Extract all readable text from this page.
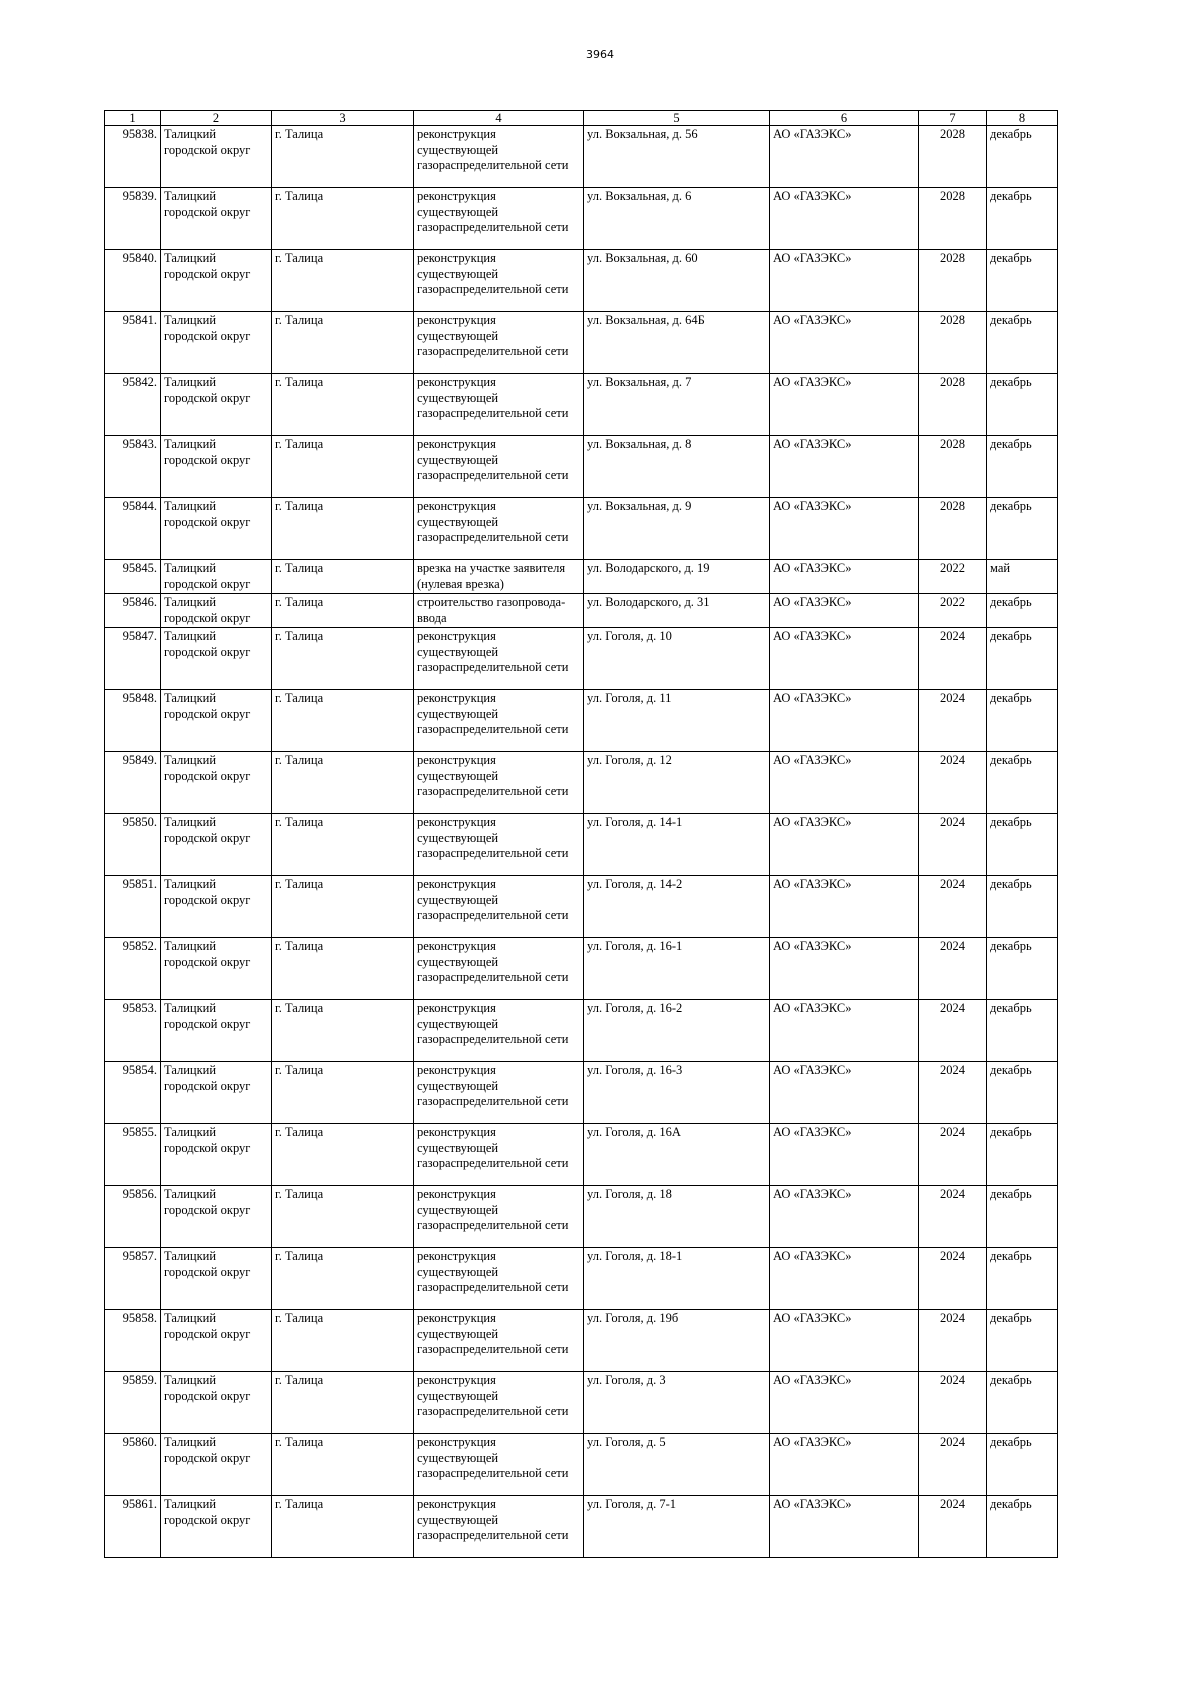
3964
1	2	3	4	5	6	7	8
95838.	Талицкий городской округ	г. Талица	реконструкция существующей газораспределительной сети	ул. Вокзальная, д. 56	АО «ГАЗЭКС»	2028	декабрь
95839.	Талицкий городской округ	г. Талица	реконструкция существующей газораспределительной сети	ул. Вокзальная, д. 6	АО «ГАЗЭКС»	2028	декабрь
95840.	Талицкий городской округ	г. Талица	реконструкция существующей газораспределительной сети	ул. Вокзальная, д. 60	АО «ГАЗЭКС»	2028	декабрь
95841.	Талицкий городской округ	г. Талица	реконструкция существующей газораспределительной сети	ул. Вокзальная, д. 64Б	АО «ГАЗЭКС»	2028	декабрь
95842.	Талицкий городской округ	г. Талица	реконструкция существующей газораспределительной сети	ул. Вокзальная, д. 7	АО «ГАЗЭКС»	2028	декабрь
95843.	Талицкий городской округ	г. Талица	реконструкция существующей газораспределительной сети	ул. Вокзальная, д. 8	АО «ГАЗЭКС»	2028	декабрь
95844.	Талицкий городской округ	г. Талица	реконструкция существующей газораспределительной сети	ул. Вокзальная, д. 9	АО «ГАЗЭКС»	2028	декабрь
95845.	Талицкий городской округ	г. Талица	врезка на участке заявителя (нулевая врезка)	ул. Володарского, д. 19	АО «ГАЗЭКС»	2022	май
95846.	Талицкий городской округ	г. Талица	строительство газопровода-ввода	ул. Володарского, д. 31	АО «ГАЗЭКС»	2022	декабрь
95847.	Талицкий городской округ	г. Талица	реконструкция существующей газораспределительной сети	ул. Гоголя, д. 10	АО «ГАЗЭКС»	2024	декабрь
95848.	Талицкий городской округ	г. Талица	реконструкция существующей газораспределительной сети	ул. Гоголя, д. 11	АО «ГАЗЭКС»	2024	декабрь
95849.	Талицкий городской округ	г. Талица	реконструкция существующей газораспределительной сети	ул. Гоголя, д. 12	АО «ГАЗЭКС»	2024	декабрь
95850.	Талицкий городской округ	г. Талица	реконструкция существующей газораспределительной сети	ул. Гоголя, д. 14-1	АО «ГАЗЭКС»	2024	декабрь
95851.	Талицкий городской округ	г. Талица	реконструкция существующей газораспределительной сети	ул. Гоголя, д. 14-2	АО «ГАЗЭКС»	2024	декабрь
95852.	Талицкий городской округ	г. Талица	реконструкция существующей газораспределительной сети	ул. Гоголя, д. 16-1	АО «ГАЗЭКС»	2024	декабрь
95853.	Талицкий городской округ	г. Талица	реконструкция существующей газораспределительной сети	ул. Гоголя, д. 16-2	АО «ГАЗЭКС»	2024	декабрь
95854.	Талицкий городской округ	г. Талица	реконструкция существующей газораспределительной сети	ул. Гоголя, д. 16-3	АО «ГАЗЭКС»	2024	декабрь
95855.	Талицкий городской округ	г. Талица	реконструкция существующей газораспределительной сети	ул. Гоголя, д. 16А	АО «ГАЗЭКС»	2024	декабрь
95856.	Талицкий городской округ	г. Талица	реконструкция существующей газораспределительной сети	ул. Гоголя, д. 18	АО «ГАЗЭКС»	2024	декабрь
95857.	Талицкий городской округ	г. Талица	реконструкция существующей газораспределительной сети	ул. Гоголя, д. 18-1	АО «ГАЗЭКС»	2024	декабрь
95858.	Талицкий городской округ	г. Талица	реконструкция существующей газораспределительной сети	ул. Гоголя, д. 19б	АО «ГАЗЭКС»	2024	декабрь
95859.	Талицкий городской округ	г. Талица	реконструкция существующей газораспределительной сети	ул. Гоголя, д. 3	АО «ГАЗЭКС»	2024	декабрь
95860.	Талицкий городской округ	г. Талица	реконструкция существующей газораспределительной сети	ул. Гоголя, д. 5	АО «ГАЗЭКС»	2024	декабрь
95861.	Талицкий городской округ	г. Талица	реконструкция существующей газораспределительной сети	ул. Гоголя, д. 7-1	АО «ГАЗЭКС»	2024	декабрь
